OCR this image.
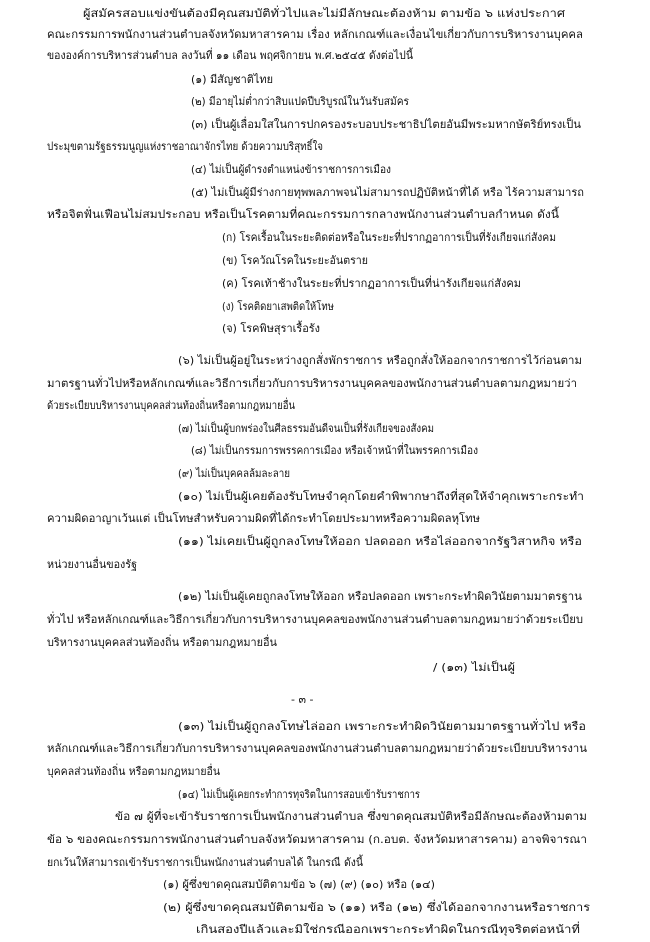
ผู้สมัครสอบแข่งขันต้องมีคุณสมบัติทั่วไปและไม่มีลักษณะต้องห้าม ตามข้อ ๖ แห่งประกาศ

คณะกรรมการพนักงานส่วนตำบลจังหวัดมหาสารคาม เรื่อง หลักเกณฑ์และเงื่อนไขเกี่ยวกับการบริหารงานบุคคล

ขององค์การบริหารส่วนตำบล ลงวันที่ ๑๑ เดือน พฤศจิกายน พ.ศ.๒๕๔๕ ดังต่อไปนี้

(๑) มีสัญชาติไทย

(๒) มีอายุไม่ต่ำกว่าสิบแปดปีบริบูรณ์ในวันรับสมัคร

(๓) เป็นผู้เลื่อมใสในการปกครองระบอบประชาธิปไตยอันมีพระมหากษัตริย์ทรงเป็น

ประมุขตามรัฐธรรมนูญแห่งราชอาณาจักรไทย ด้วยความบริสุทธิ์ใจ

(๔) ไม่เป็นผู้ดำรงตำแหน่งข้าราชการการเมือง

(๕) ไม่เป็นผู้มีร่างกายทุพพลภาพจนไม่สามารถปฏิบัติหน้าที่ได้ หรือ ไร้ความสามารถ

หรือจิตฟั่นเฟือนไม่สมประกอบ หรือเป็นโรคตามที่คณะกรรมการกลางพนักงานส่วนตำบลกำหนด ดังนี้

(ก) โรคเรื้อนในระยะติดต่อหรือในระยะที่ปรากฏอาการเป็นที่รังเกียจแก่สังคม

(ข) โรควัณโรคในระยะอันตราย

(ค) โรคเท้าช้างในระยะที่ปรากฏอาการเป็นที่น่ารังเกียจแก่สังคม

(ง) โรคติดยาเสพติดให้โทษ

(จ) โรคพิษสุราเรื้อรัง

(๖) ไม่เป็นผู้อยู่ในระหว่างถูกสั่งพักราชการ หรือถูกสั่งให้ออกจากราชการไว้ก่อนตาม

มาตรฐานทั่วไปหรือหลักเกณฑ์และวิธีการเกี่ยวกับการบริหารงานบุคคลของพนักงานส่วนตำบลตามกฎหมายว่า

ด้วยระเบียบบริหารงานบุคคลส่วนท้องถิ่นหรือตามกฎหมายอื่น

(๗) ไม่เป็นผู้บกพร่องในศีลธรรมอันดีจนเป็นที่รังเกียจของสังคม

(๘) ไม่เป็นกรรมการพรรคการเมือง หรือเจ้าหน้าที่ในพรรคการเมือง

(๙) ไม่เป็นบุคคลล้มละลาย

(๑๐) ไม่เป็นผู้เคยต้องรับโทษจำคุกโดยคำพิพากษาถึงที่สุดให้จำคุกเพราะกระทำ

ความผิดอาญาเว้นแต่ เป็นโทษสำหรับความผิดที่ได้กระทำโดยประมาทหรือความผิดลหุโทษ

(๑๑) ไม่เคยเป็นผู้ถูกลงโทษให้ออก ปลดออก หรือไล่ออกจากรัฐวิสาหกิจ หรือ

หน่วยงานอื่นของรัฐ

(๑๒) ไม่เป็นผู้เคยถูกลงโทษให้ออก หรือปลดออก เพราะกระทำผิดวินัยตามมาตรฐาน

ทั่วไป หรือหลักเกณฑ์และวิธีการเกี่ยวกับการบริหารงานบุคคลของพนักงานส่วนตำบลตามกฎหมายว่าด้วยระเบียบ

บริหารงานบุคคลส่วนท้องถิ่น หรือตามกฎหมายอื่น

/ (๑๓) ไม่เป็นผู้

- ๓ -

(๑๓) ไม่เป็นผู้ถูกลงโทษไล่ออก เพราะกระทำผิดวินัยตามมาตรฐานทั่วไป หรือ

หลักเกณฑ์และวิธีการเกี่ยวกับการบริหารงานบุคคลของพนักงานส่วนตำบลตามกฎหมายว่าด้วยระเบียบบริหารงาน

บุคคลส่วนท้องถิ่น หรือตามกฎหมายอื่น

(๑๔) ไม่เป็นผู้เคยกระทำการทุจริตในการสอบเข้ารับราชการ

ข้อ ๗ ผู้ที่จะเข้ารับราชการเป็นพนักงานส่วนตำบล ซึ่งขาดคุณสมบัติหรือมีลักษณะต้องห้ามตาม

ข้อ ๖ ของคณะกรรมการพนักงานส่วนตำบลจังหวัดมหาสารคาม (ก.อบต. จังหวัดมหาสารคาม) อาจพิจารณา

ยกเว้นให้สามารถเข้ารับราชการเป็นพนักงานส่วนตำบลได้ ในกรณี ดังนี้

(๑) ผู้ซึ่งขาดคุณสมบัติตามข้อ ๖ (๗) (๙) (๑๐) หรือ (๑๔)

(๒) ผู้ซึ่งขาดคุณสมบัติตามข้อ ๖ (๑๑) หรือ (๑๒) ซึ่งได้ออกจากงานหรือราชการ

เกินสองปีแล้วและมิใช่กรณีออกเพราะกระทำผิดในกรณีทุจริตต่อหน้าที่
